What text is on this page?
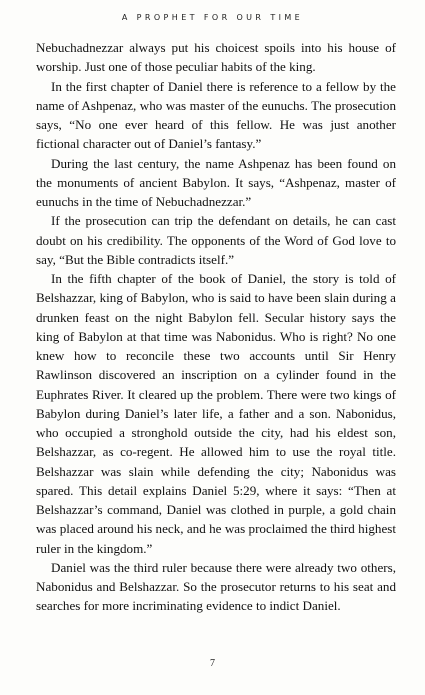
A PROPHET FOR OUR TIME

Nebuchadnezzar always put his choicest spoils into his house of worship. Just one of those peculiar habits of the king.

In the first chapter of Daniel there is reference to a fellow by the name of Ashpenaz, who was master of the eunuchs. The prosecution says, “No one ever heard of this fellow. He was just another fictional character out of Daniel’s fantasy.”

During the last century, the name Ashpenaz has been found on the monuments of ancient Babylon. It says, “Ashpenaz, master of eunuchs in the time of Nebuchadnezzar.”

If the prosecution can trip the defendant on details, he can cast doubt on his credibility. The opponents of the Word of God love to say, “But the Bible contradicts itself.”

In the fifth chapter of the book of Daniel, the story is told of Belshazzar, king of Babylon, who is said to have been slain during a drunken feast on the night Babylon fell. Secular history says the king of Babylon at that time was Nabonidus. Who is right? No one knew how to reconcile these two accounts until Sir Henry Rawlinson discovered an inscription on a cylinder found in the Euphrates River. It cleared up the problem. There were two kings of Babylon during Daniel’s later life, a father and a son. Nabonidus, who occupied a stronghold outside the city, had his eldest son, Belshazzar, as co-regent. He allowed him to use the royal title. Belshazzar was slain while defending the city; Nabonidus was spared. This detail explains Daniel 5:29, where it says: “Then at Belshazzar’s command, Daniel was clothed in purple, a gold chain was placed around his neck, and he was proclaimed the third highest ruler in the kingdom.”

Daniel was the third ruler because there were already two others, Nabonidus and Belshazzar. So the prosecutor returns to his seat and searches for more incriminating evidence to indict Daniel.

7
